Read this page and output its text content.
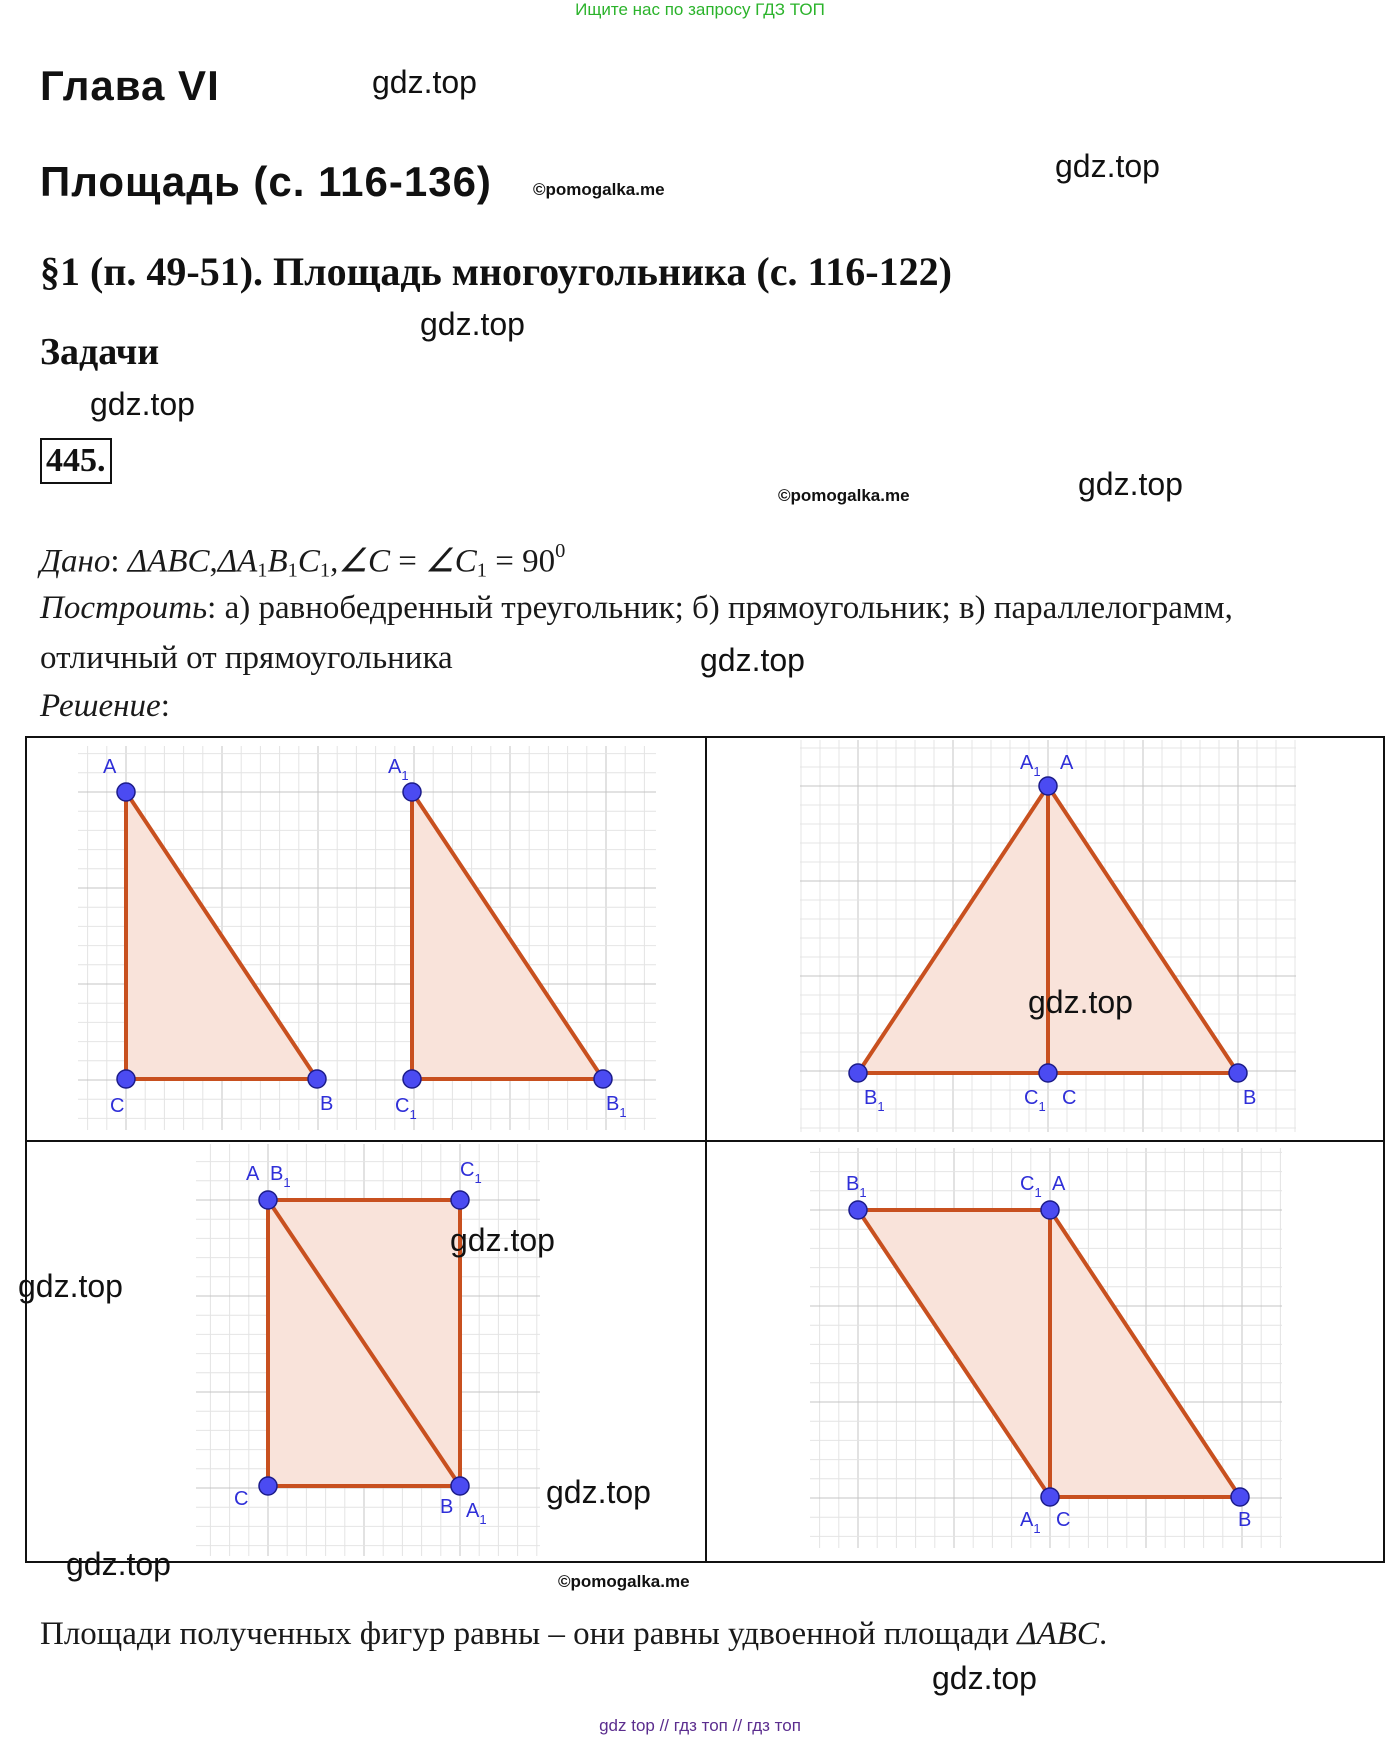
Ищите нас по запросу ГДЗ ТОП
Глава VI	gdz.top
Площадь (с. 116-136) ©pomogalka.me
gdz.top
§1 (п. 49-51). Площадь многоугольника (с. 116-122)
gdz.top
Задачи
gdz.top
445.
©pomogalka.me	gdz.top
Дано: $\Delta ABC,\Delta A_1B_1C_1,\angle C$ = $\angle C_1 = 90^0$
Построить: а) равнобедренный треугольник; б) прямоугольник; в) параллелограмм,
отличный от прямоугольника	gdz.top
Решение:
A
C	B
$A_1$
$C_1$	$B_1$
$A_1$ A
$B_1$	$C_1$ C	B
A $B_1$
$C_1$
C	B $A_1$
$B_1$	$C_1$ A
$A_1$ C	B
gdz.top
gdz.top
gdz.top
gdz.top
gdz.top	©pomogalka.me
Площади полученных фигур равны – они равны удвоенной площади ΔABC.
gdz.top
gdz top // гдз топ // гдз топ
